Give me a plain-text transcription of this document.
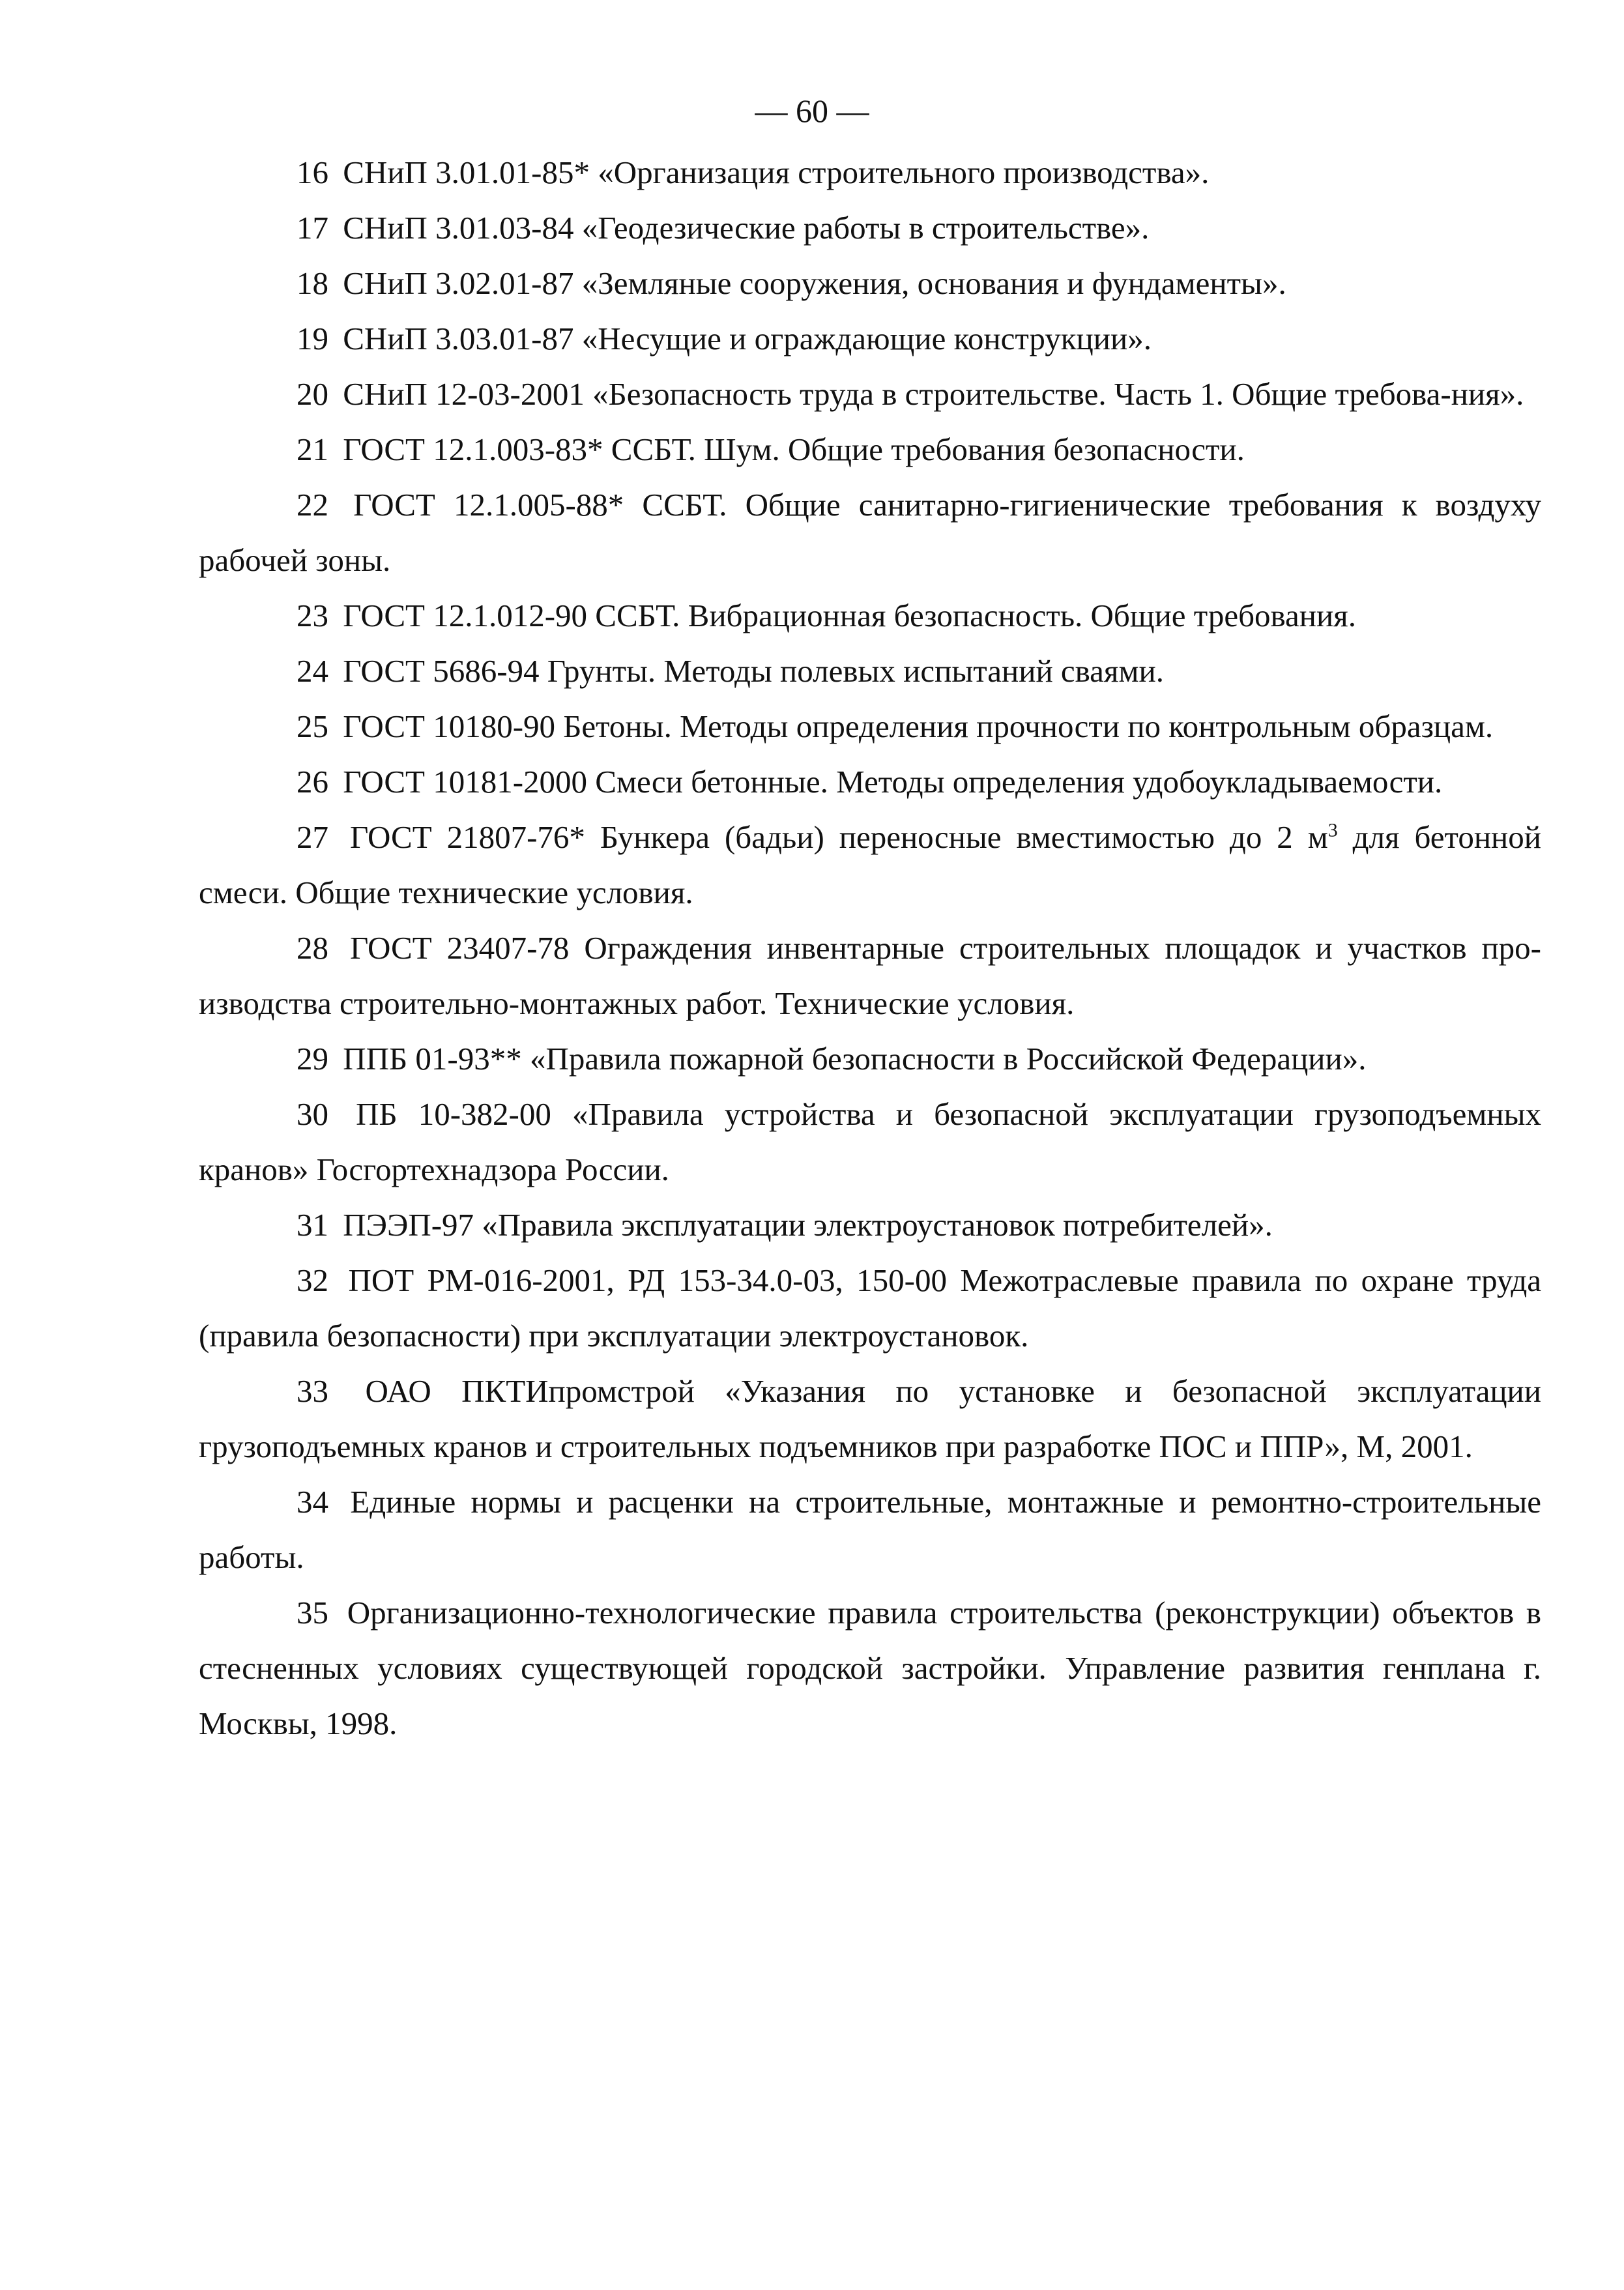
— 60 —

16 СНиП 3.01.01-85* «Организация строительного производства».

17 СНиП 3.01.03-84 «Геодезические работы в строительстве».

18 СНиП 3.02.01-87 «Земляные сооружения, основания и фундаменты».

19 СНиП 3.03.01-87 «Несущие и ограждающие конструкции».

20 СНиП 12-03-2001 «Безопасность труда в строительстве. Часть 1. Общие требова-ния».

21 ГОСТ 12.1.003-83* ССБТ. Шум. Общие требования безопасности.

22 ГОСТ 12.1.005-88* ССБТ. Общие санитарно-гигиенические требования к воздуху рабочей зоны.

23 ГОСТ 12.1.012-90 ССБТ. Вибрационная безопасность. Общие требования.

24 ГОСТ 5686-94 Грунты. Методы полевых испытаний сваями.

25 ГОСТ 10180-90 Бетоны. Методы определения прочности по контрольным образцам.

26 ГОСТ 10181-2000 Смеси бетонные. Методы определения удобоукладываемости.

27 ГОСТ 21807-76* Бункера (бадьи) переносные вместимостью до 2 $м^3$ для бетонной смеси. Общие технические условия.

28 ГОСТ 23407-78 Ограждения инвентарные строительных площадок и участков про-изводства строительно-монтажных работ. Технические условия.

29 ППБ 01-93** «Правила пожарной безопасности в Российской Федерации».

30 ПБ 10-382-00 «Правила устройства и безопасной эксплуатации грузоподъемных кранов» Госгортехнадзора России.

31 ПЭЭП-97 «Правила эксплуатации электроустановок потребителей».

32 ПОТ РМ-016-2001, РД 153-34.0-03, 150-00 Межотраслевые правила по охране труда (правила безопасности) при эксплуатации электроустановок.

33 ОАО ПКТИпромстрой «Указания по установке и безопасной эксплуатации грузоподъемных кранов и строительных подъемников при разработке ПОС и ППР», М, 2001.

34 Единые нормы и расценки на строительные, монтажные и ремонтно-строительные работы.

35 Организационно-технологические правила строительства (реконструкции) объектов в стесненных условиях существующей городской застройки. Управление развития генплана г. Москвы, 1998.
